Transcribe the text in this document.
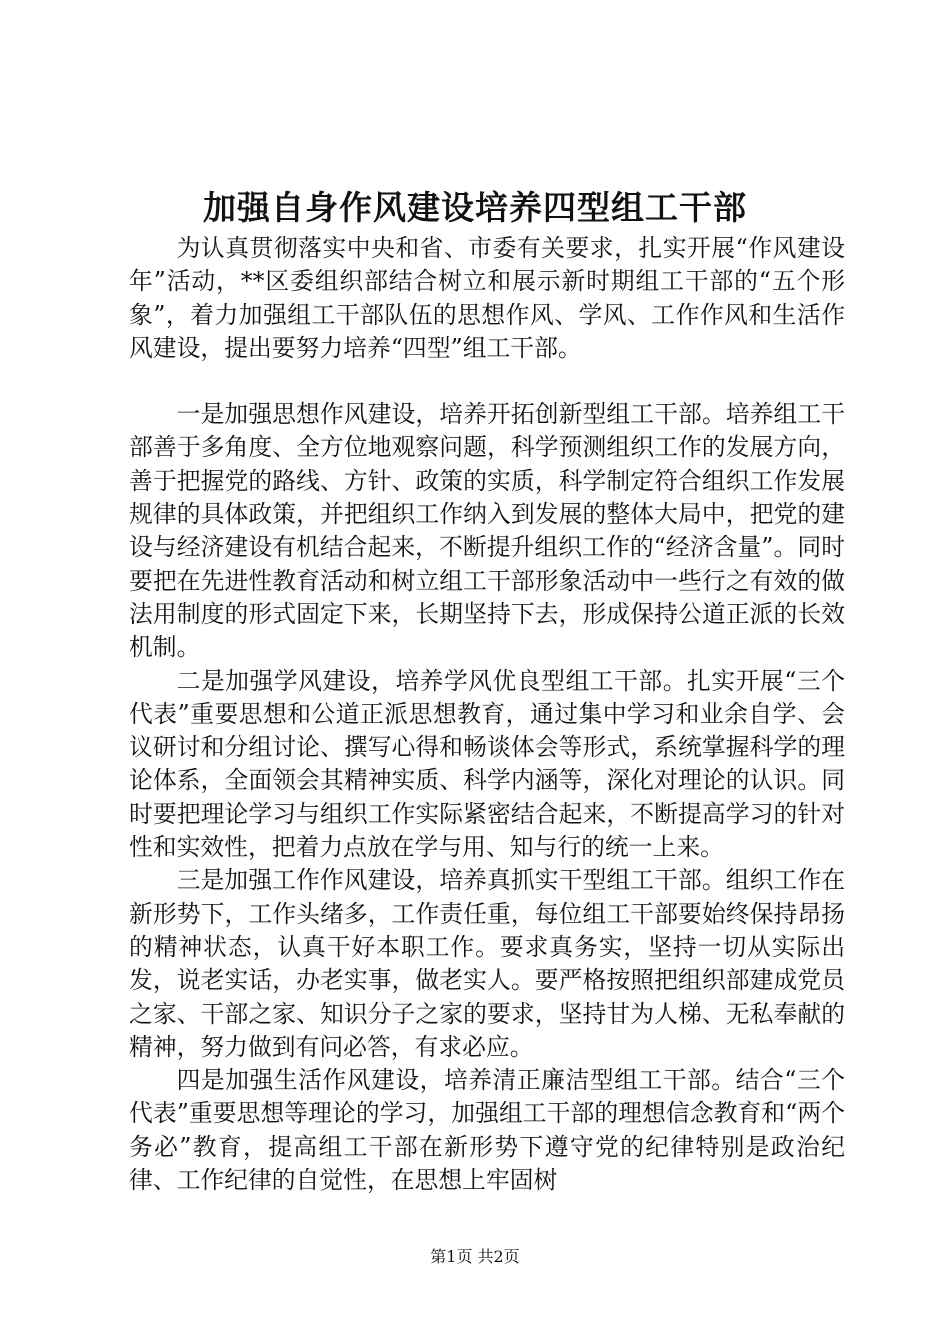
加强自身作风建设培养四型组工干部

为认真贯彻落实中央和省、市委有关要求，扎实开展“作风建设年”活动，**区委组织部结合树立和展示新时期组工干部的“五个形象”，着力加强组工干部队伍的思想作风、学风、工作作风和生活作风建设，提出要努力培养“四型”组工干部。

一是加强思想作风建设，培养开拓创新型组工干部。培养组工干部善于多角度、全方位地观察问题，科学预测组织工作的发展方向，善于把握党的路线、方针、政策的实质，科学制定符合组织工作发展规律的具体政策，并把组织工作纳入到发展的整体大局中，把党的建设与经济建设有机结合起来，不断提升组织工作的“经济含量”。同时要把在先进性教育活动和树立组工干部形象活动中一些行之有效的做法用制度的形式固定下来，长期坚持下去，形成保持公道正派的长效机制。

二是加强学风建设，培养学风优良型组工干部。扎实开展“三个代表”重要思想和公道正派思想教育，通过集中学习和业余自学、会议研讨和分组讨论、撰写心得和畅谈体会等形式，系统掌握科学的理论体系，全面领会其精神实质、科学内涵等，深化对理论的认识。同时要把理论学习与组织工作实际紧密结合起来，不断提高学习的针对性和实效性，把着力点放在学与用、知与行的统一上来。

三是加强工作作风建设，培养真抓实干型组工干部。组织工作在新形势下，工作头绪多，工作责任重，每位组工干部要始终保持昂扬的精神状态，认真干好本职工作。要求真务实，坚持一切从实际出发，说老实话，办老实事，做老实人。要严格按照把组织部建成党员之家、干部之家、知识分子之家的要求，坚持甘为人梯、无私奉献的精神，努力做到有问必答，有求必应。

四是加强生活作风建设，培养清正廉洁型组工干部。结合“三个代表”重要思想等理论的学习，加强组工干部的理想信念教育和“两个务必”教育，提高组工干部在新形势下遵守党的纪律特别是政治纪律、工作纪律的自觉性，在思想上牢固树

第1页 共2页
